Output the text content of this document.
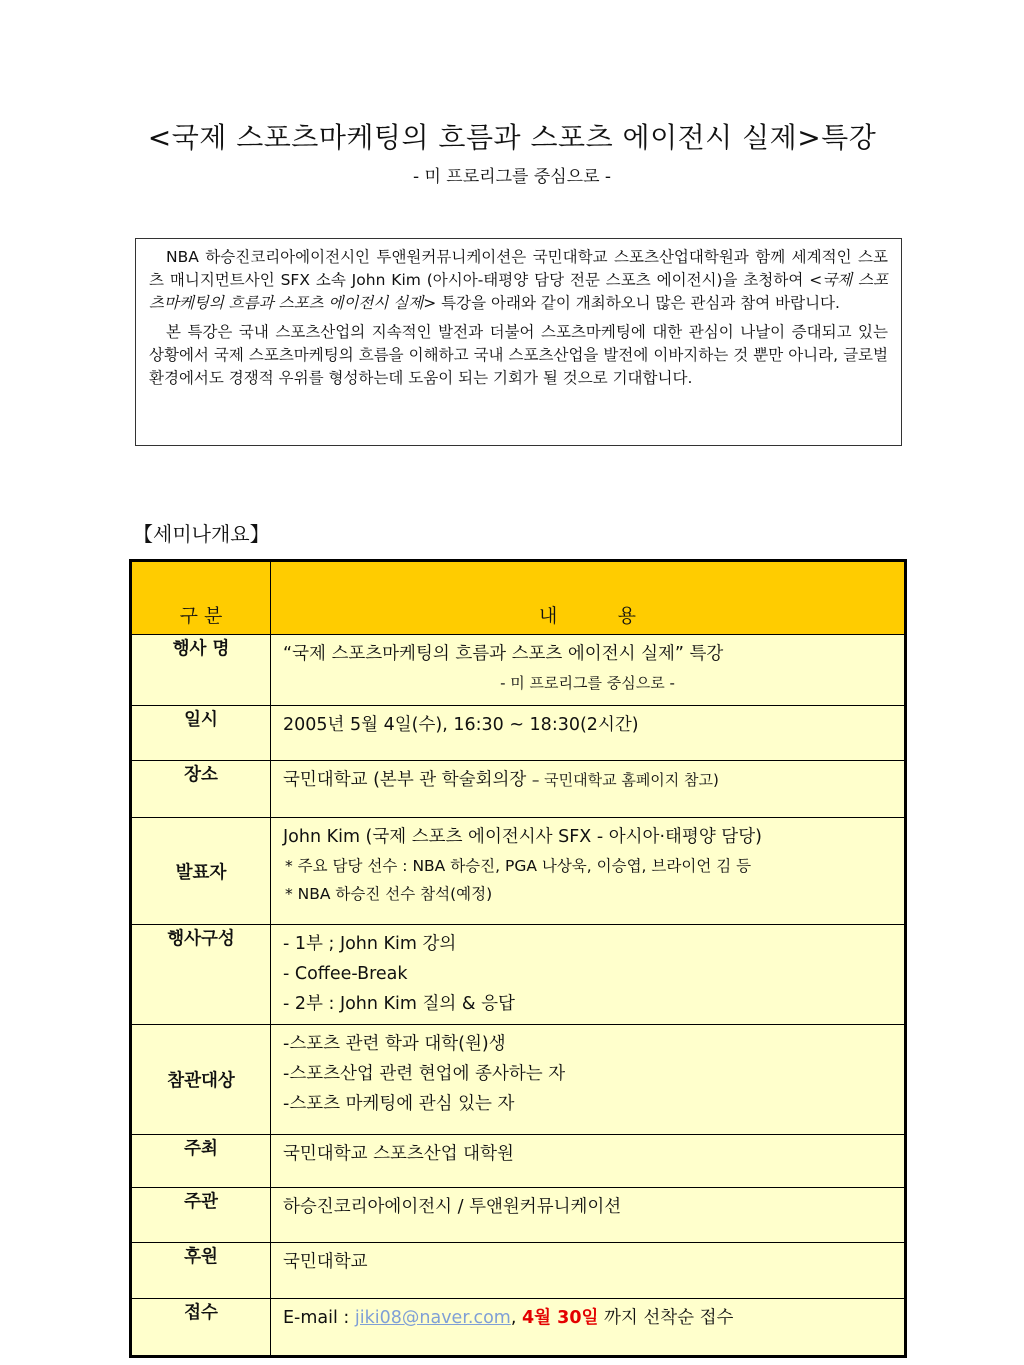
<국제 스포츠마케팅의 흐름과 스포츠 에이전시 실제>특강
- 미 프로리그를 중심으로 -

NBA 하승진코리아에이전시인 투앤원커뮤니케이션은 국민대학교 스포츠산업대학원과 함께 세계적인 스포츠 매니지먼트사인 SFX 소속 John Kim (아시아-태평양 담당 전문 스포츠 에이전시)을 초청하여 <국제 스포츠마케팅의 흐름과 스포츠 에이전시 실제> 특강을 아래와 같이 개최하오니 많은 관심과 참여 바랍니다.

본 특강은 국내 스포츠산업의 지속적인 발전과 더불어 스포츠마케팅에 대한 관심이 나날이 증대되고 있는 상황에서 국제 스포츠마케팅의 흐름을 이해하고 국내 스포츠산업을 발전에 이바지하는 것 뿐만 아니라, 글로벌 환경에서도 경쟁적 우위를 형성하는데 도움이 되는 기회가 될 것으로 기대합니다.

【세미나개요】
구 분	내          용
행사 명	“국제 스포츠마케팅의 흐름과 스포츠 에이전시 실제” 특강
- 미 프로리그를 중심으로 -

일시	2005년 5월 4일(수), 16:30 ~ 18:30(2시간)

장소	국민대학교 (본부 관 학술회의장 – 국민대학교 홈페이지 참고)

발표자	John Kim (국제 스포츠 에이전시사 SFX - 아시아·태평양 담당)
* 주요 담당 선수 : NBA 하승진, PGA 나상욱, 이승엽, 브라이언 김 등
* NBA 하승진 선수 참석(예정)

행사구성	- 1부 ; John Kim 강의
- Coffee-Break
- 2부 : John Kim 질의 & 응답

참관대상	-스포츠 관련 학과 대학(원)생
-스포츠산업 관련 현업에 종사하는 자
-스포츠 마케팅에 관심 있는 자

주최	국민대학교 스포츠산업 대학원

주관	하승진코리아에이전시 / 투앤원커뮤니케이션

후원	국민대학교

접수	E-mail : jiki08@naver.com, 4월 30일 까지 선착순 접수
